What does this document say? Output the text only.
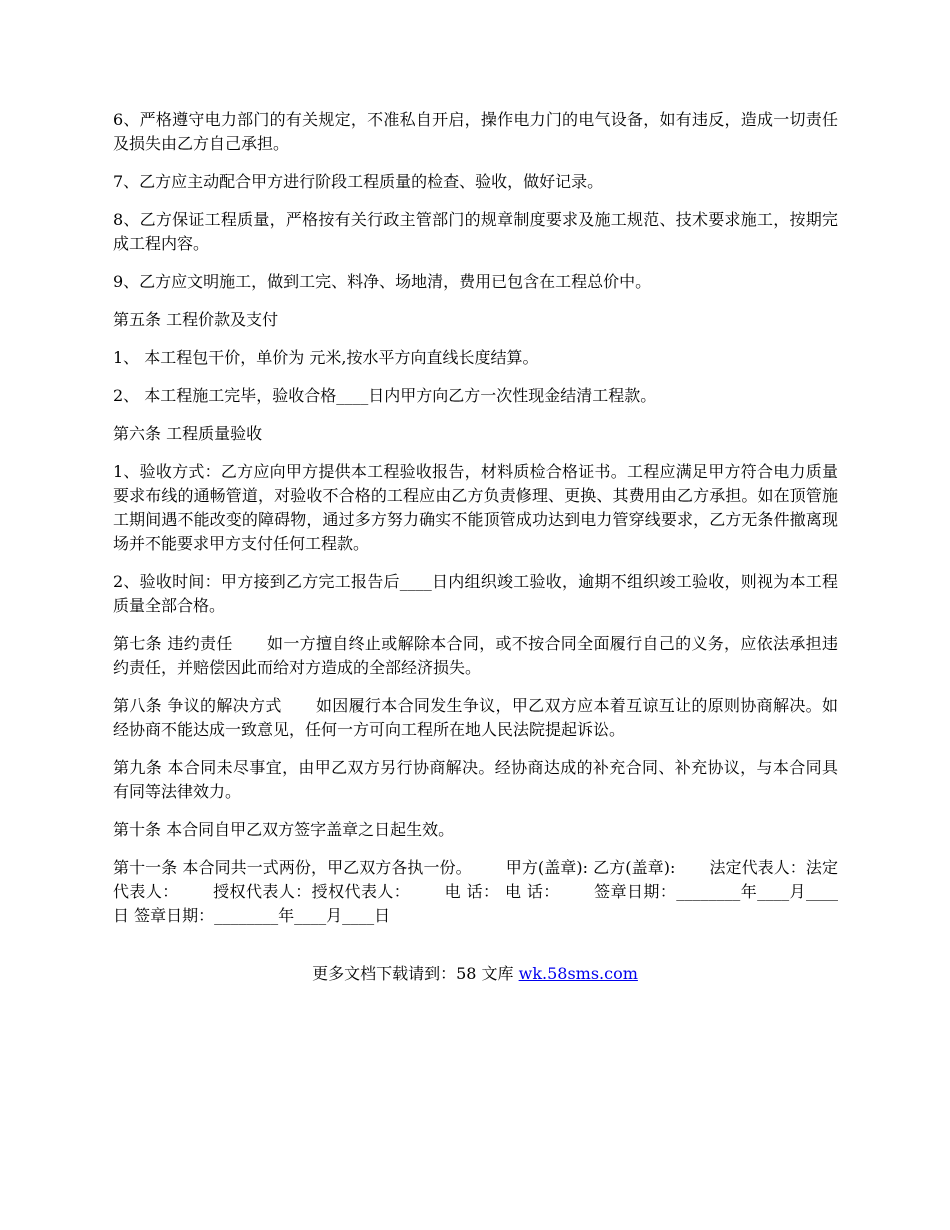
6、严格遵守电力部门的有关规定，不准私自开启，操作电力门的电气设备，如有违反，造成一切责任及损失由乙方自己承担。

7、乙方应主动配合甲方进行阶段工程质量的检查、验收，做好记录。

8、乙方保证工程质量，严格按有关行政主管部门的规章制度要求及施工规范、技术要求施工，按期完成工程内容。

9、乙方应文明施工，做到工完、料净、场地清，费用已包含在工程总价中。

第五条 工程价款及支付

1、 本工程包干价，单价为 元米,按水平方向直线长度结算。

2、 本工程施工完毕，验收合格____日内甲方向乙方一次性现金结清工程款。

第六条 工程质量验收

1、验收方式：乙方应向甲方提供本工程验收报告，材料质检合格证书。工程应满足甲方符合电力质量要求布线的通畅管道，对验收不合格的工程应由乙方负责修理、更换、其费用由乙方承担。如在顶管施工期间遇不能改变的障碍物，通过多方努力确实不能顶管成功达到电力管穿线要求，乙方无条件撤离现场并不能要求甲方支付任何工程款。

2、验收时间：甲方接到乙方完工报告后____日内组织竣工验收，逾期不组织竣工验收，则视为本工程质量全部合格。

第七条 违约责任 如一方擅自终止或解除本合同，或不按合同全面履行自己的义务，应依法承担违约责任，并赔偿因此而给对方造成的全部经济损失。

第八条 争议的解决方式 如因履行本合同发生争议，甲乙双方应本着互谅互让的原则协商解决。如经协商不能达成一致意见，任何一方可向工程所在地人民法院提起诉讼。

第九条 本合同未尽事宜，由甲乙双方另行协商解决。经协商达成的补充合同、补充协议，与本合同具有同等法律效力。

第十条 本合同自甲乙双方签字盖章之日起生效。

第十一条 本合同共一式两份，甲乙双方各执一份。 甲方(盖章): 乙方(盖章): 法定代表人：法定代表人： 授权代表人：授权代表人： 电 话： 电 话： 签章日期：________年____月____日 签章日期：________年____月____日

更多文档下载请到：58 文库 wk.58sms.com
